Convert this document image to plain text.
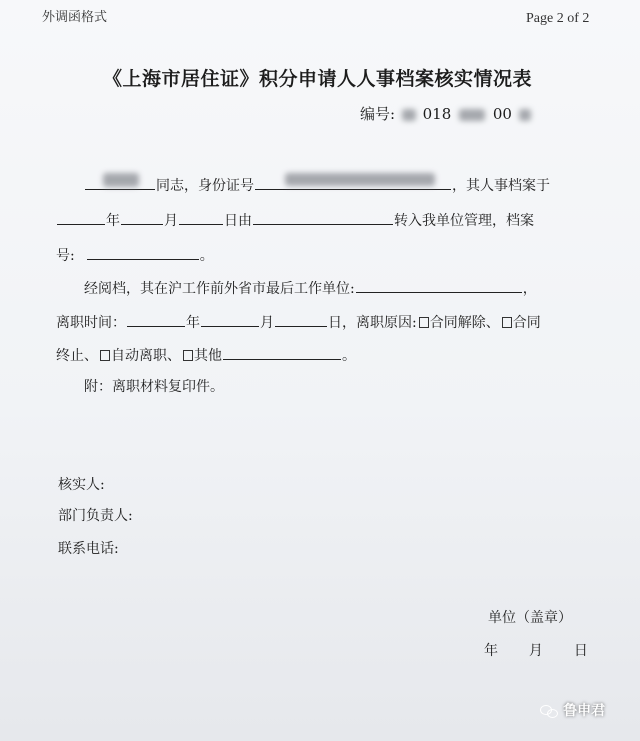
外调函格式	Page 2 of 2
《上海市居住证》积分申请人人事档案核实情况表
编号: 018	00
同志，身份证号	，其人事档案于
年	月	日由	转入我单位管理，档案
号:	。
经阅档，其在沪工作前外省市最后工作单位:	，
离职时间：	年	月	日，离职原因: 合同解除、 合同
终止、 自动离职、 其他	。
附：离职材料复印件。
核实人:
部门负责人:
联系电话:
单位（盖章）
年 月 日
鲁申君
